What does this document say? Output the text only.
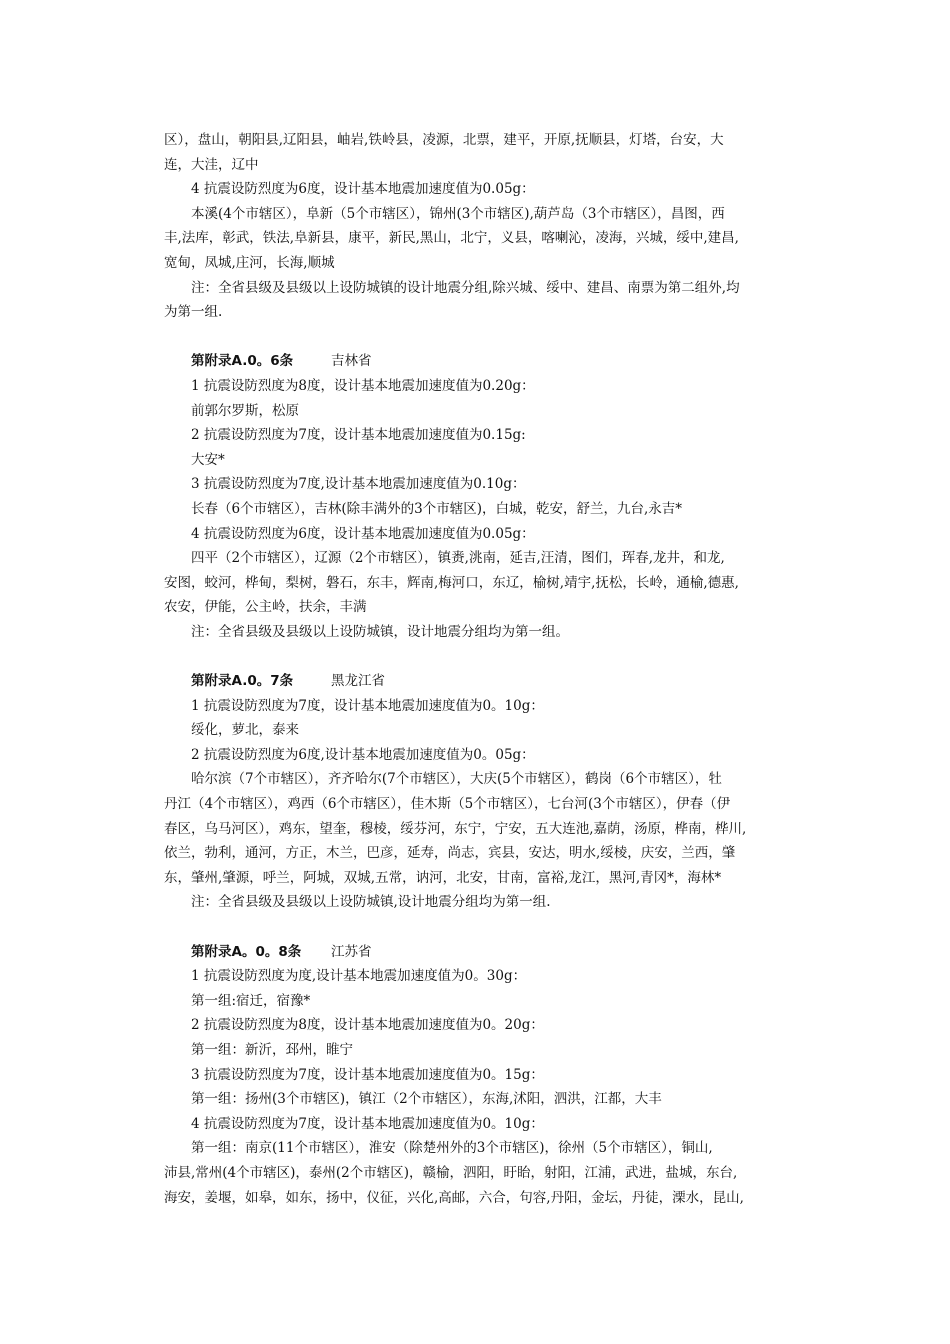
区），盘山，朝阳县,辽阳县，岫岩,铁岭县，凌源，北票，建平，开原,抚顺县，灯塔，台安，大

连，大洼，辽中

4 抗震设防烈度为6度，设计基本地震加速度值为0.05g：

本溪(4个市辖区），阜新（5个市辖区），锦州(3个市辖区),葫芦岛（3个市辖区），昌图，西

丰,法库，彰武，铁法,阜新县，康平，新民,黑山，北宁，义县，喀喇沁，凌海，兴城，绥中,建昌,

宽甸，凤城,庄河，长海,顺城

注：全省县级及县级以上设防城镇的设计地震分组,除兴城、绥中、建昌、南票为第二组外,均

为第一组.

第附录A.0。6条	吉林省

1 抗震设防烈度为8度，设计基本地震加速度值为0.20g：

前郭尔罗斯，松原

2 抗震设防烈度为7度，设计基本地震加速度值为0.15g:

大安*

3 抗震设防烈度为7度,设计基本地震加速度值为0.10g：

长春（6个市辖区），吉林(除丰满外的3个市辖区)，白城，乾安，舒兰，九台,永吉*

4 抗震设防烈度为6度，设计基本地震加速度值为0.05g：

四平（2个市辖区），辽源（2个市辖区），镇赉,洮南，延吉,汪清，图们，珲春,龙井，和龙,

安图，蛟河，桦甸，梨树，磐石，东丰，辉南,梅河口，东辽，榆树,靖宇,抚松，长岭，通榆,德惠,

农安，伊能，公主岭，扶余，丰满

注：全省县级及县级以上设防城镇，设计地震分组均为第一组。

第附录A.0。7条	黑龙江省

1 抗震设防烈度为7度，设计基本地震加速度值为0。10g：

绥化，萝北，泰来

2 抗震设防烈度为6度,设计基本地震加速度值为0。05g：

哈尔滨（7个市辖区），齐齐哈尔(7个市辖区），大庆(5个市辖区），鹤岗（6个市辖区），牡

丹江（4个市辖区），鸡西（6个市辖区），佳木斯（5个市辖区），七台河(3个市辖区），伊春（伊

春区，乌马河区），鸡东，望奎，穆棱，绥芬河，东宁，宁安，五大连池,嘉荫，汤原，桦南，桦川,

依兰，勃利，通河，方正，木兰，巴彦，延寿，尚志，宾县，安达，明水,绥棱，庆安，兰西，肇

东，肇州,肇源，呼兰，阿城，双城,五常，讷河，北安，甘南，富裕,龙江，黑河,青冈*，海林*

注：全省县级及县级以上设防城镇,设计地震分组均为第一组.

第附录A。0。8条 江苏省

1 抗震设防烈度为度,设计基本地震加速度值为0。30g：

第一组:宿迁，宿豫*

2 抗震设防烈度为8度，设计基本地震加速度值为0。20g：

第一组：新沂，邳州，睢宁

3 抗震设防烈度为7度，设计基本地震加速度值为0。15g：

第一组：扬州(3个市辖区)，镇江（2个市辖区），东海,沭阳，泗洪，江都，大丰

4 抗震设防烈度为7度，设计基本地震加速度值为0。10g：

第一组：南京(11个市辖区），淮安（除楚州外的3个市辖区)，徐州（5个市辖区），铜山,

沛县,常州(4个市辖区)，泰州(2个市辖区)，赣榆，泗阳，盱眙，射阳，江浦，武进，盐城，东台,

海安，姜堰，如皋，如东，扬中，仪征，兴化,高邮，六合，句容,丹阳，金坛，丹徒，溧水，昆山,
